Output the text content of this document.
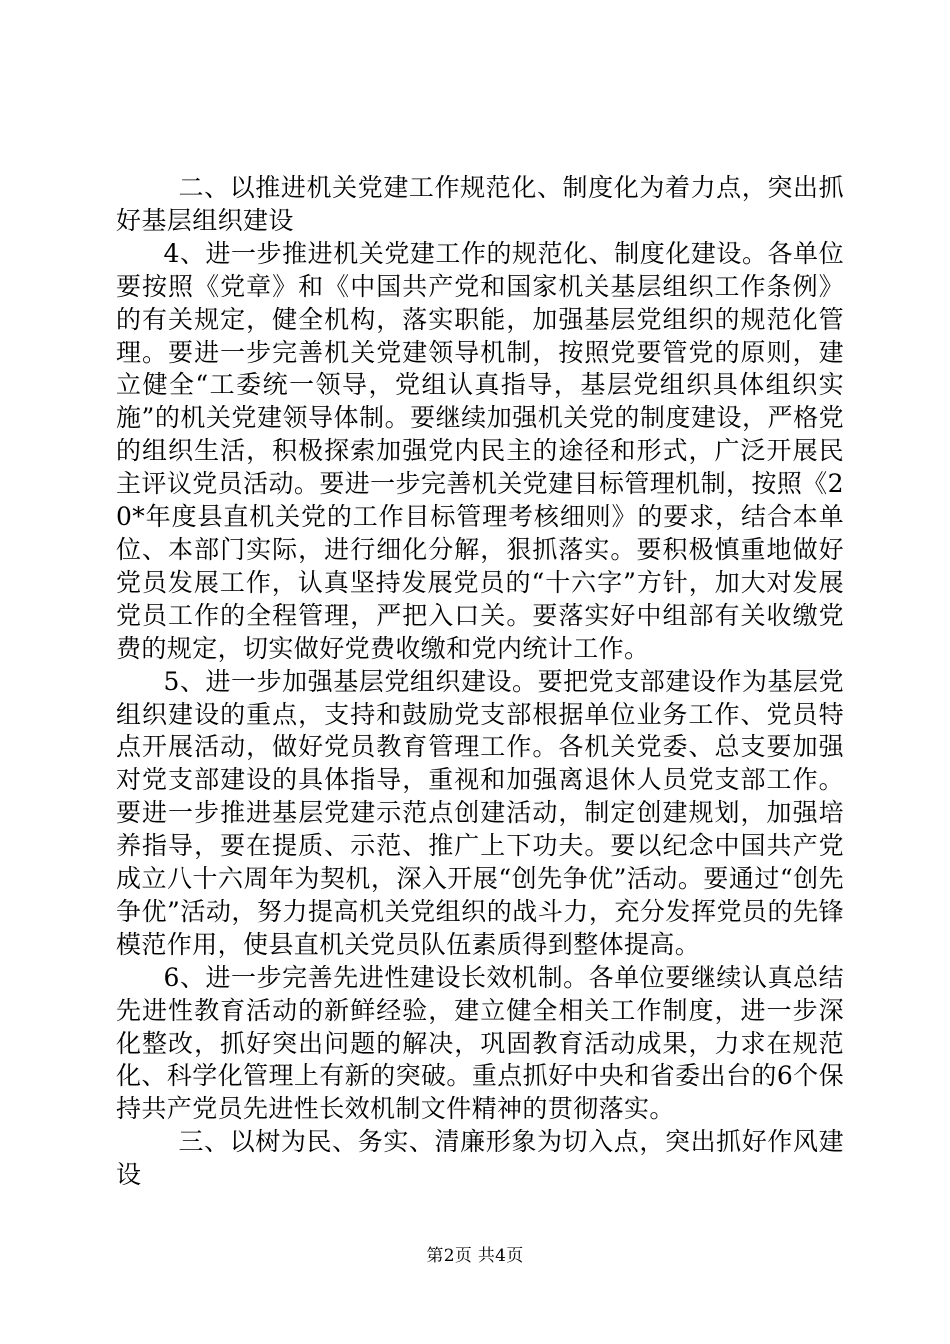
二、以推进机关党建工作规范化、制度化为着力点，突出抓好基层组织建设

4、进一步推进机关党建工作的规范化、制度化建设。各单位要按照《党章》和《中国共产党和国家机关基层组织工作条例》的有关规定，健全机构，落实职能，加强基层党组织的规范化管理。要进一步完善机关党建领导机制，按照党要管党的原则，建立健全“工委统一领导，党组认真指导，基层党组织具体组织实施”的机关党建领导体制。要继续加强机关党的制度建设，严格党的组织生活，积极探索加强党内民主的途径和形式，广泛开展民主评议党员活动。要进一步完善机关党建目标管理机制，按照《20*年度县直机关党的工作目标管理考核细则》的要求，结合本单位、本部门实际，进行细化分解，狠抓落实。要积极慎重地做好党员发展工作，认真坚持发展党员的“十六字”方针，加大对发展党员工作的全程管理，严把入口关。要落实好中组部有关收缴党费的规定，切实做好党费收缴和党内统计工作。

5、进一步加强基层党组织建设。要把党支部建设作为基层党组织建设的重点，支持和鼓励党支部根据单位业务工作、党员特点开展活动，做好党员教育管理工作。各机关党委、总支要加强对党支部建设的具体指导，重视和加强离退休人员党支部工作。要进一步推进基层党建示范点创建活动，制定创建规划，加强培养指导，要在提质、示范、推广上下功夫。要以纪念中国共产党成立八十六周年为契机，深入开展“创先争优”活动。要通过“创先争优”活动，努力提高机关党组织的战斗力，充分发挥党员的先锋模范作用，使县直机关党员队伍素质得到整体提高。

6、进一步完善先进性建设长效机制。各单位要继续认真总结先进性教育活动的新鲜经验，建立健全相关工作制度，进一步深化整改，抓好突出问题的解决，巩固教育活动成果，力求在规范化、科学化管理上有新的突破。重点抓好中央和省委出台的6个保持共产党员先进性长效机制文件精神的贯彻落实。

三、以树为民、务实、清廉形象为切入点，突出抓好作风建设

第2页 共4页
